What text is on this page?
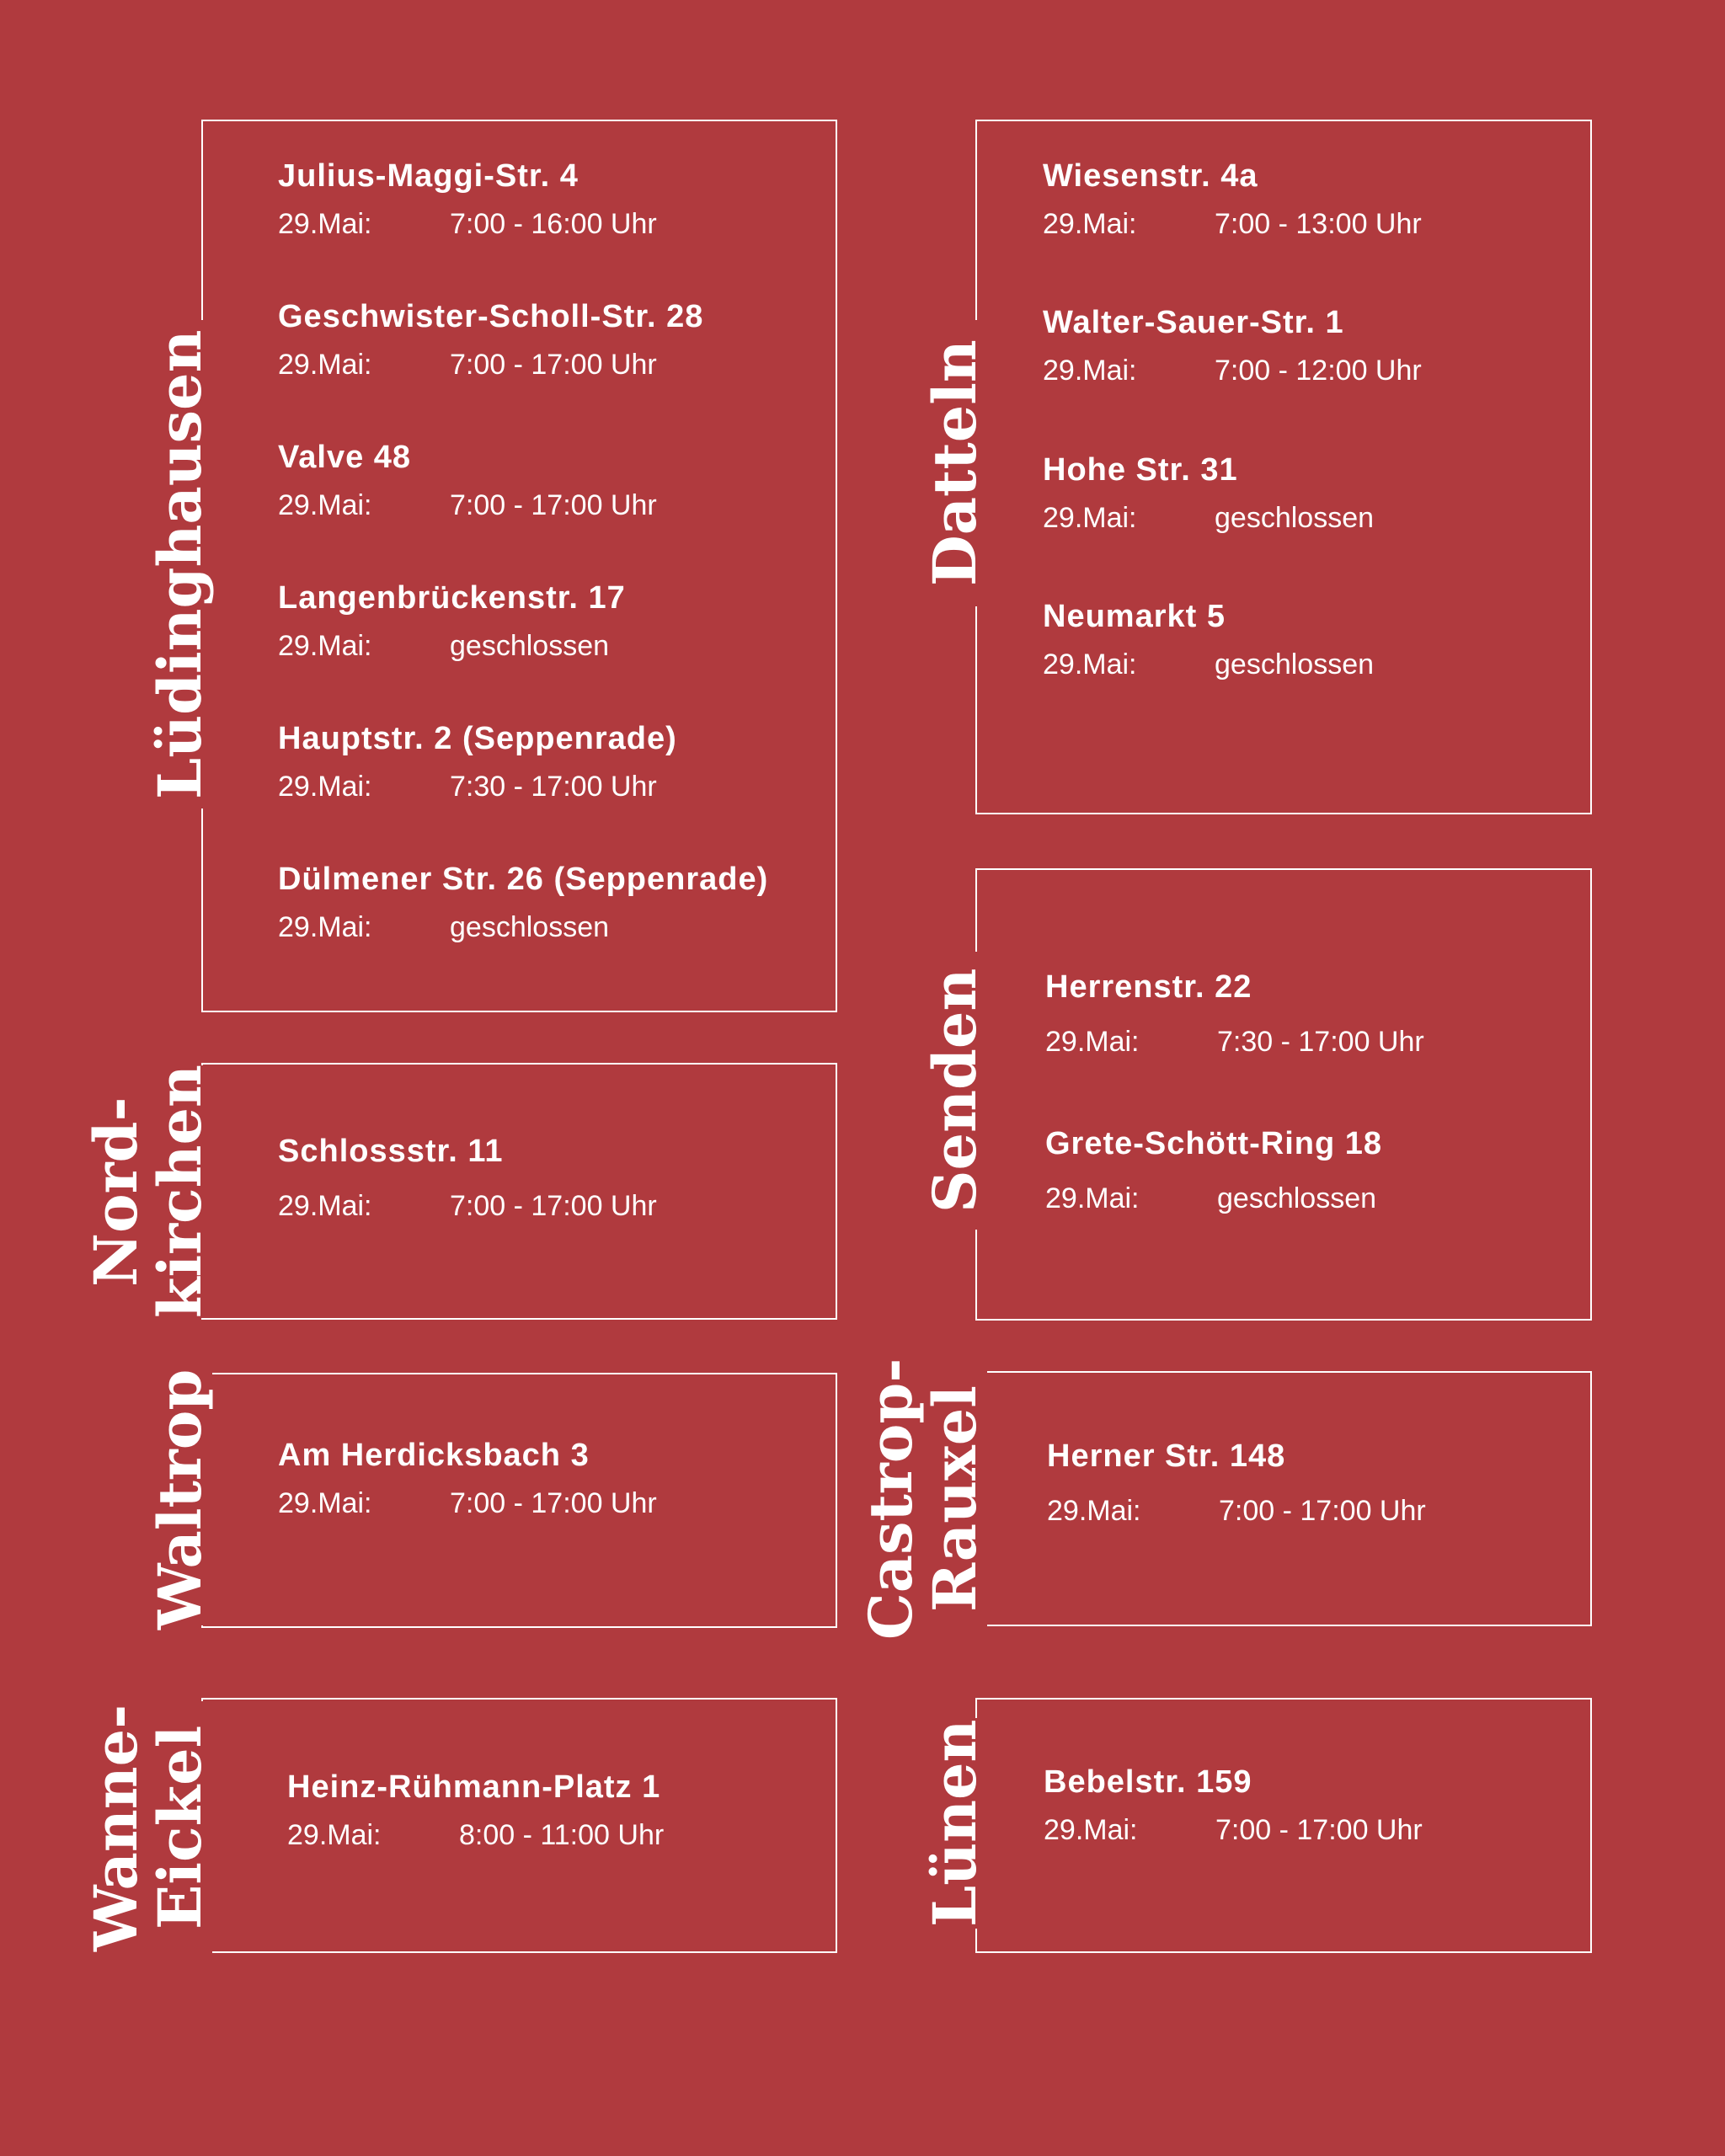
Lüdinghausen
Julius-Maggi-Str. 4
29.Mai:	7:00 - 16:00 Uhr
Geschwister-Scholl-Str. 28
29.Mai:	7:00 - 17:00 Uhr
Valve 48
29.Mai:	7:00 - 17:00 Uhr
Langenbrückenstr. 17
29.Mai:	geschlossen
Hauptstr. 2 (Seppenrade)
29.Mai:	7:30 - 17:00 Uhr
Dülmener Str. 26 (Seppenrade)
29.Mai:	geschlossen
Nord-
kirchen Schlossstr. 11
29.Mai:	7:00 - 17:00 Uhr
Waltrop Am Herdicksbach 3
29.Mai:	7:00 - 17:00 Uhr
Wanne-
Eickel Heinz-Rühmann-Platz 1
29.Mai:	8:00 - 11:00 Uhr
Datteln
Wiesenstr. 4a
29.Mai:	7:00 - 13:00 Uhr
Walter-Sauer-Str. 1
29.Mai:	7:00 - 12:00 Uhr
Hohe Str. 31
29.Mai:	geschlossen
Neumarkt 5
29.Mai:	geschlossen
Senden Herrenstr. 22
29.Mai:	7:30 - 17:00 Uhr
Grete-Schött-Ring 18
29.Mai:	geschlossen
Castrop-
Rauxel Herner Str. 148
29.Mai:	7:00 - 17:00 Uhr
Lünen Bebelstr. 159
29.Mai:	7:00 - 17:00 Uhr
